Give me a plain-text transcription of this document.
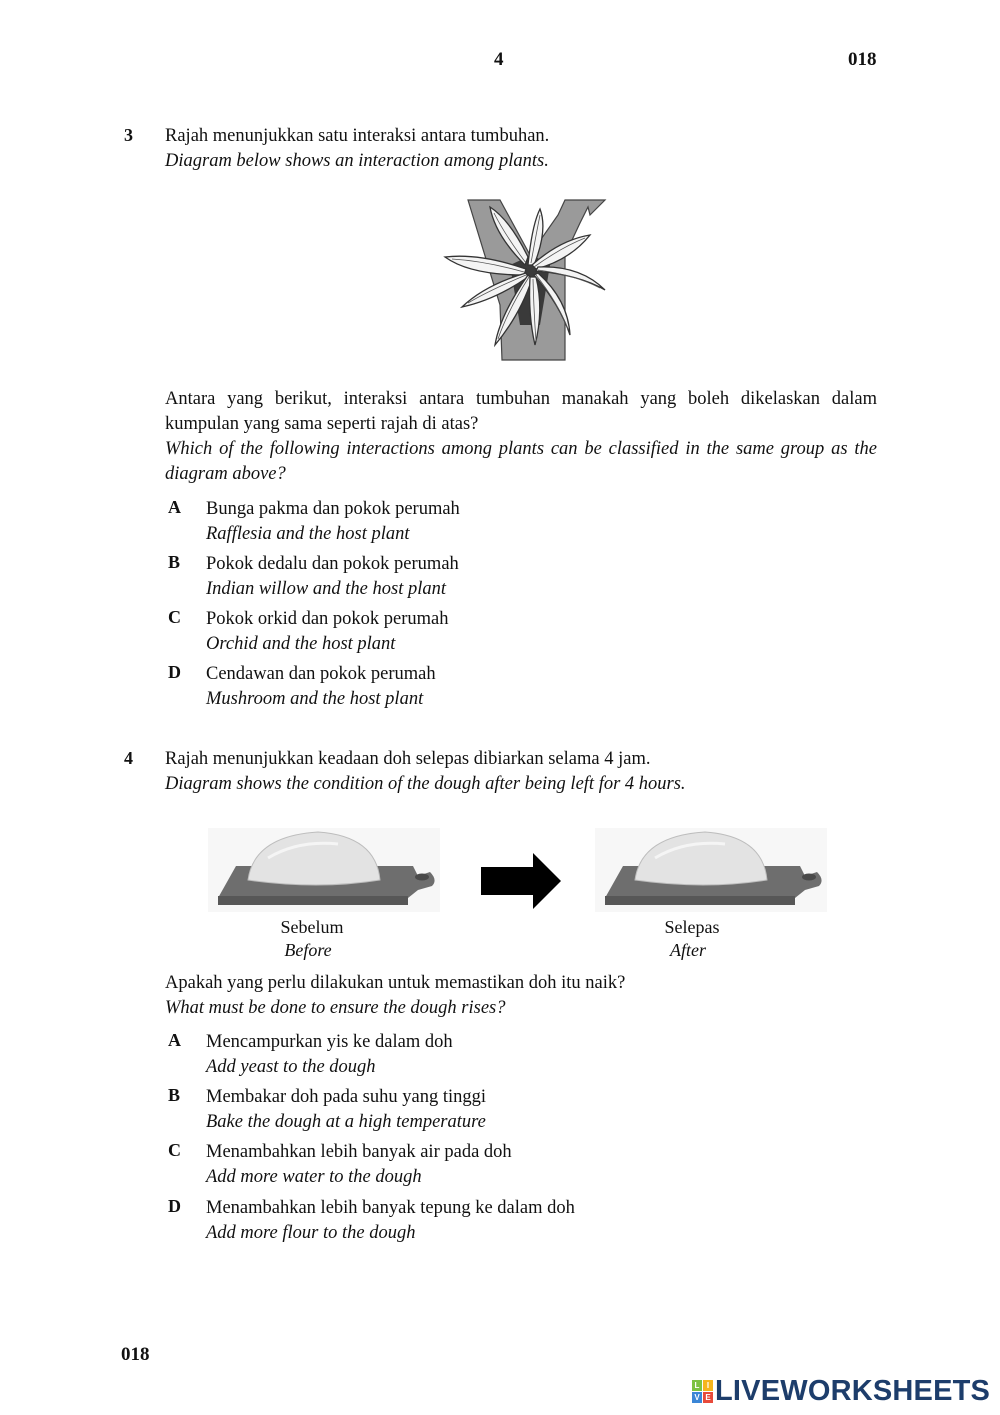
4	018
3 Rajah menunjukkan satu interaksi antara tumbuhan.
Diagram below shows an interaction among plants.
Antara yang berikut, interaksi antara tumbuhan manakah yang boleh dikelaskan dalam kumpulan yang sama seperti rajah di atas?
Which of the following interactions among plants can be classified in the same group as the diagram above?
A Bunga pakma dan pokok perumah
Rafflesia and the host plant
B Pokok dedalu dan pokok perumah
Indian willow and the host plant
C Pokok orkid dan pokok perumah
Orchid and the host plant
D Cendawan dan pokok perumah
Mushroom and the host plant
4 Rajah menunjukkan keadaan doh selepas dibiarkan selama 4 jam.
Diagram shows the condition of the dough after being left for 4 hours.
Sebelum
Before
Selepas
After
Apakah yang perlu dilakukan untuk memastikan doh itu naik?
What must be done to ensure the dough rises?
A Mencampurkan yis ke dalam doh
Add yeast to the dough
B Membakar doh pada suhu yang tinggi
Bake the dough at a high temperature
C Menambahkan lebih banyak air pada doh
Add more water to the dough
D Menambahkan lebih banyak tepung ke dalam doh
Add more flour to the dough
018
L I
V E LIVEWORKSHEETS
